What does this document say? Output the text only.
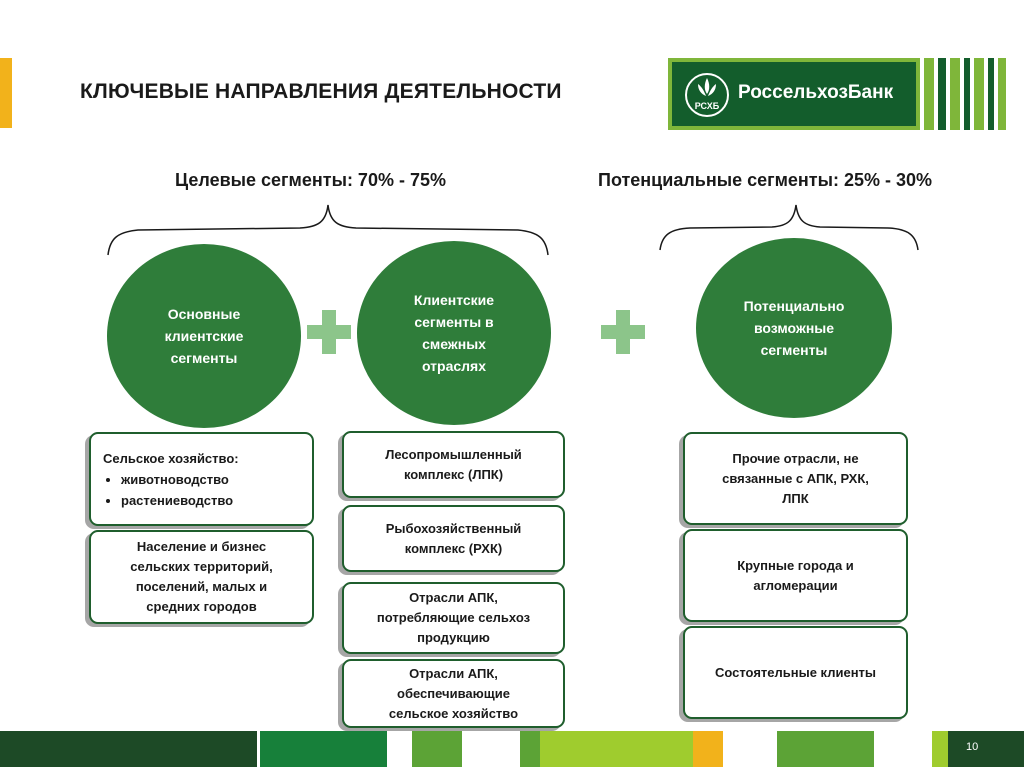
КЛЮЧЕВЫЕ НАПРАВЛЕНИЯ ДЕЯТЕЛЬНОСТИ
РСХБ
РоссельхозБанк
Целевые сегменты: 70% - 75%	Потенциальные сегменты: 25% - 30%
Основные
клиентские
сегменты
Клиентские
сегменты в
смежных
отраслях
Потенциально
возможные
сегменты
Сельское хозяйство:
• животноводство
• растениеводство
Население и бизнес
сельских территорий,
поселений, малых и
средних городов
Лесопромышленный
комплекс (ЛПК)
Рыбохозяйственный
комплекс (РХК)
Отрасли АПК,
потребляющие сельхоз
продукцию
Отрасли АПК,
обеспечивающие
сельское хозяйство
Прочие отрасли, не
связанные с АПК, РХК,
ЛПК
Крупные города и
агломерации
Состоятельные клиенты
10
